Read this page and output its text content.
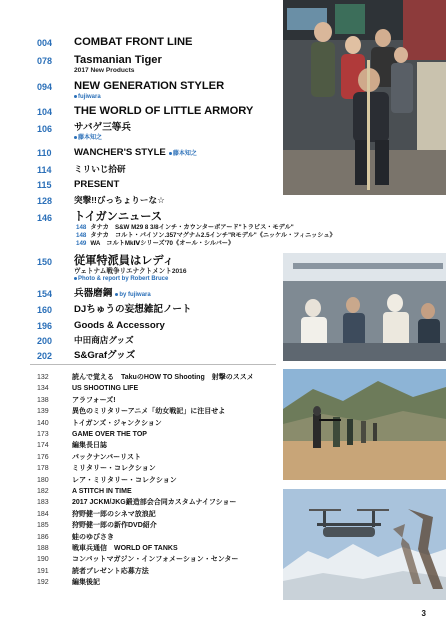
004 COMBAT FRONT LINE
078 Tasmanian Tiger
2017 New Products
094 NEW GENERATION STYLER
fujiwara
104 THE WORLD OF LITTLE ARMORY
106 サバゲ三等兵
藤本知之
110 WANCHER'S STYLE 藤本知之
114	ミリいじ拾研
115 PRESENT
128	突撃!!びっちょりーな☆
146 トイガンニュース
148 タナカ　S&W M29 8 3/8インチ・カウンターボアード"トラビス・モデル"
148 タナカ　コルト・パイソン.357マグナム2.5インチ"Rモデル"《ニッケル・フィニッシュ》
149 WA　コルトMkⅣシリーズ'70《オール・シルバー》
150 従軍特派員はレディ
ヴェトナム戦争リエナクトメント2016
Photo & report by Robert Bruce
154 兵器磨鋼 by fujiwara
160 DJちゅうの妄想雑記ノート
196 Goods & Accessory
200	中田商店グッズ
202 S&Grafグッズ
132	読んで覚える　TakuのHOW TO Shooting　射撃のススメ
134	US SHOOTING LIFE
138	アラフォーズ!
139	異色のミリタリーアニメ「幼女戦記」に注目せよ
140	トイガンズ・ジャンクション
173	GAME OVER THE TOP
174	編集長日誌
176	パックナンバーリスト
178	ミリタリー・コレクション
180	レア・ミリタリー・コレクション
182	A STITCH IN TIME
183	2017 JCKM/JKG鍛造部会合同カスタムナイフショー
184	狩野健一郎のシネマ放浪記
185	狩野健一郎の新作DVD紹介
186	蛙のゆびさき
188	戦車兵通信　WORLD OF TANKS
190	コンバットマガジン・インフォメーション・センター
191	読者プレゼント応募方法
192	編集後記
3
